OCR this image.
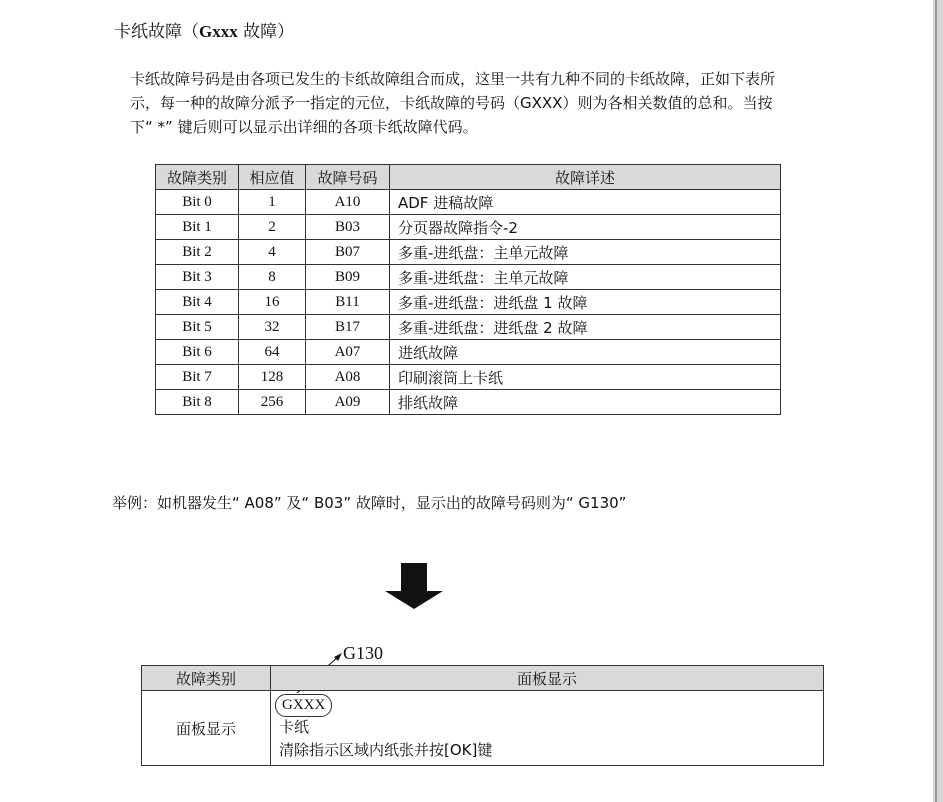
卡纸故障（Gxxx 故障）

卡纸故障号码是由各项已发生的卡纸故障组合而成，这里一共有九种不同的卡纸故障，正如下表所

示，每一种的故障分派予一指定的元位，卡纸故障的号码（GXXX）则为各相关数值的总和。当按

下“ *” 键后则可以显示出详细的各项卡纸故障代码。

故障类别	相应值	故障号码	故障详述
Bit 0	1	A10	ADF 进稿故障
Bit 1	2	B03	分页器故障指令-2
Bit 2	4	B07	多重-进纸盘：主单元故障
Bit 3	8	B09	多重-进纸盘：主单元故障
Bit 4	16	B11	多重-进纸盘：进纸盘 1 故障
Bit 5	32	B17	多重-进纸盘：进纸盘 2 故障
Bit 6	64	A07	进纸故障
Bit 7	128	A08	印刷滚筒上卡纸
Bit 8	256	A09	排纸故障
举例：如机器发生“ A08” 及“ B03” 故障时，显示出的故障号码则为“ G130”
G130
故障类别	面板显示
面板显示	GXXX
卡纸
清除指示区域内纸张并按[OK]键
